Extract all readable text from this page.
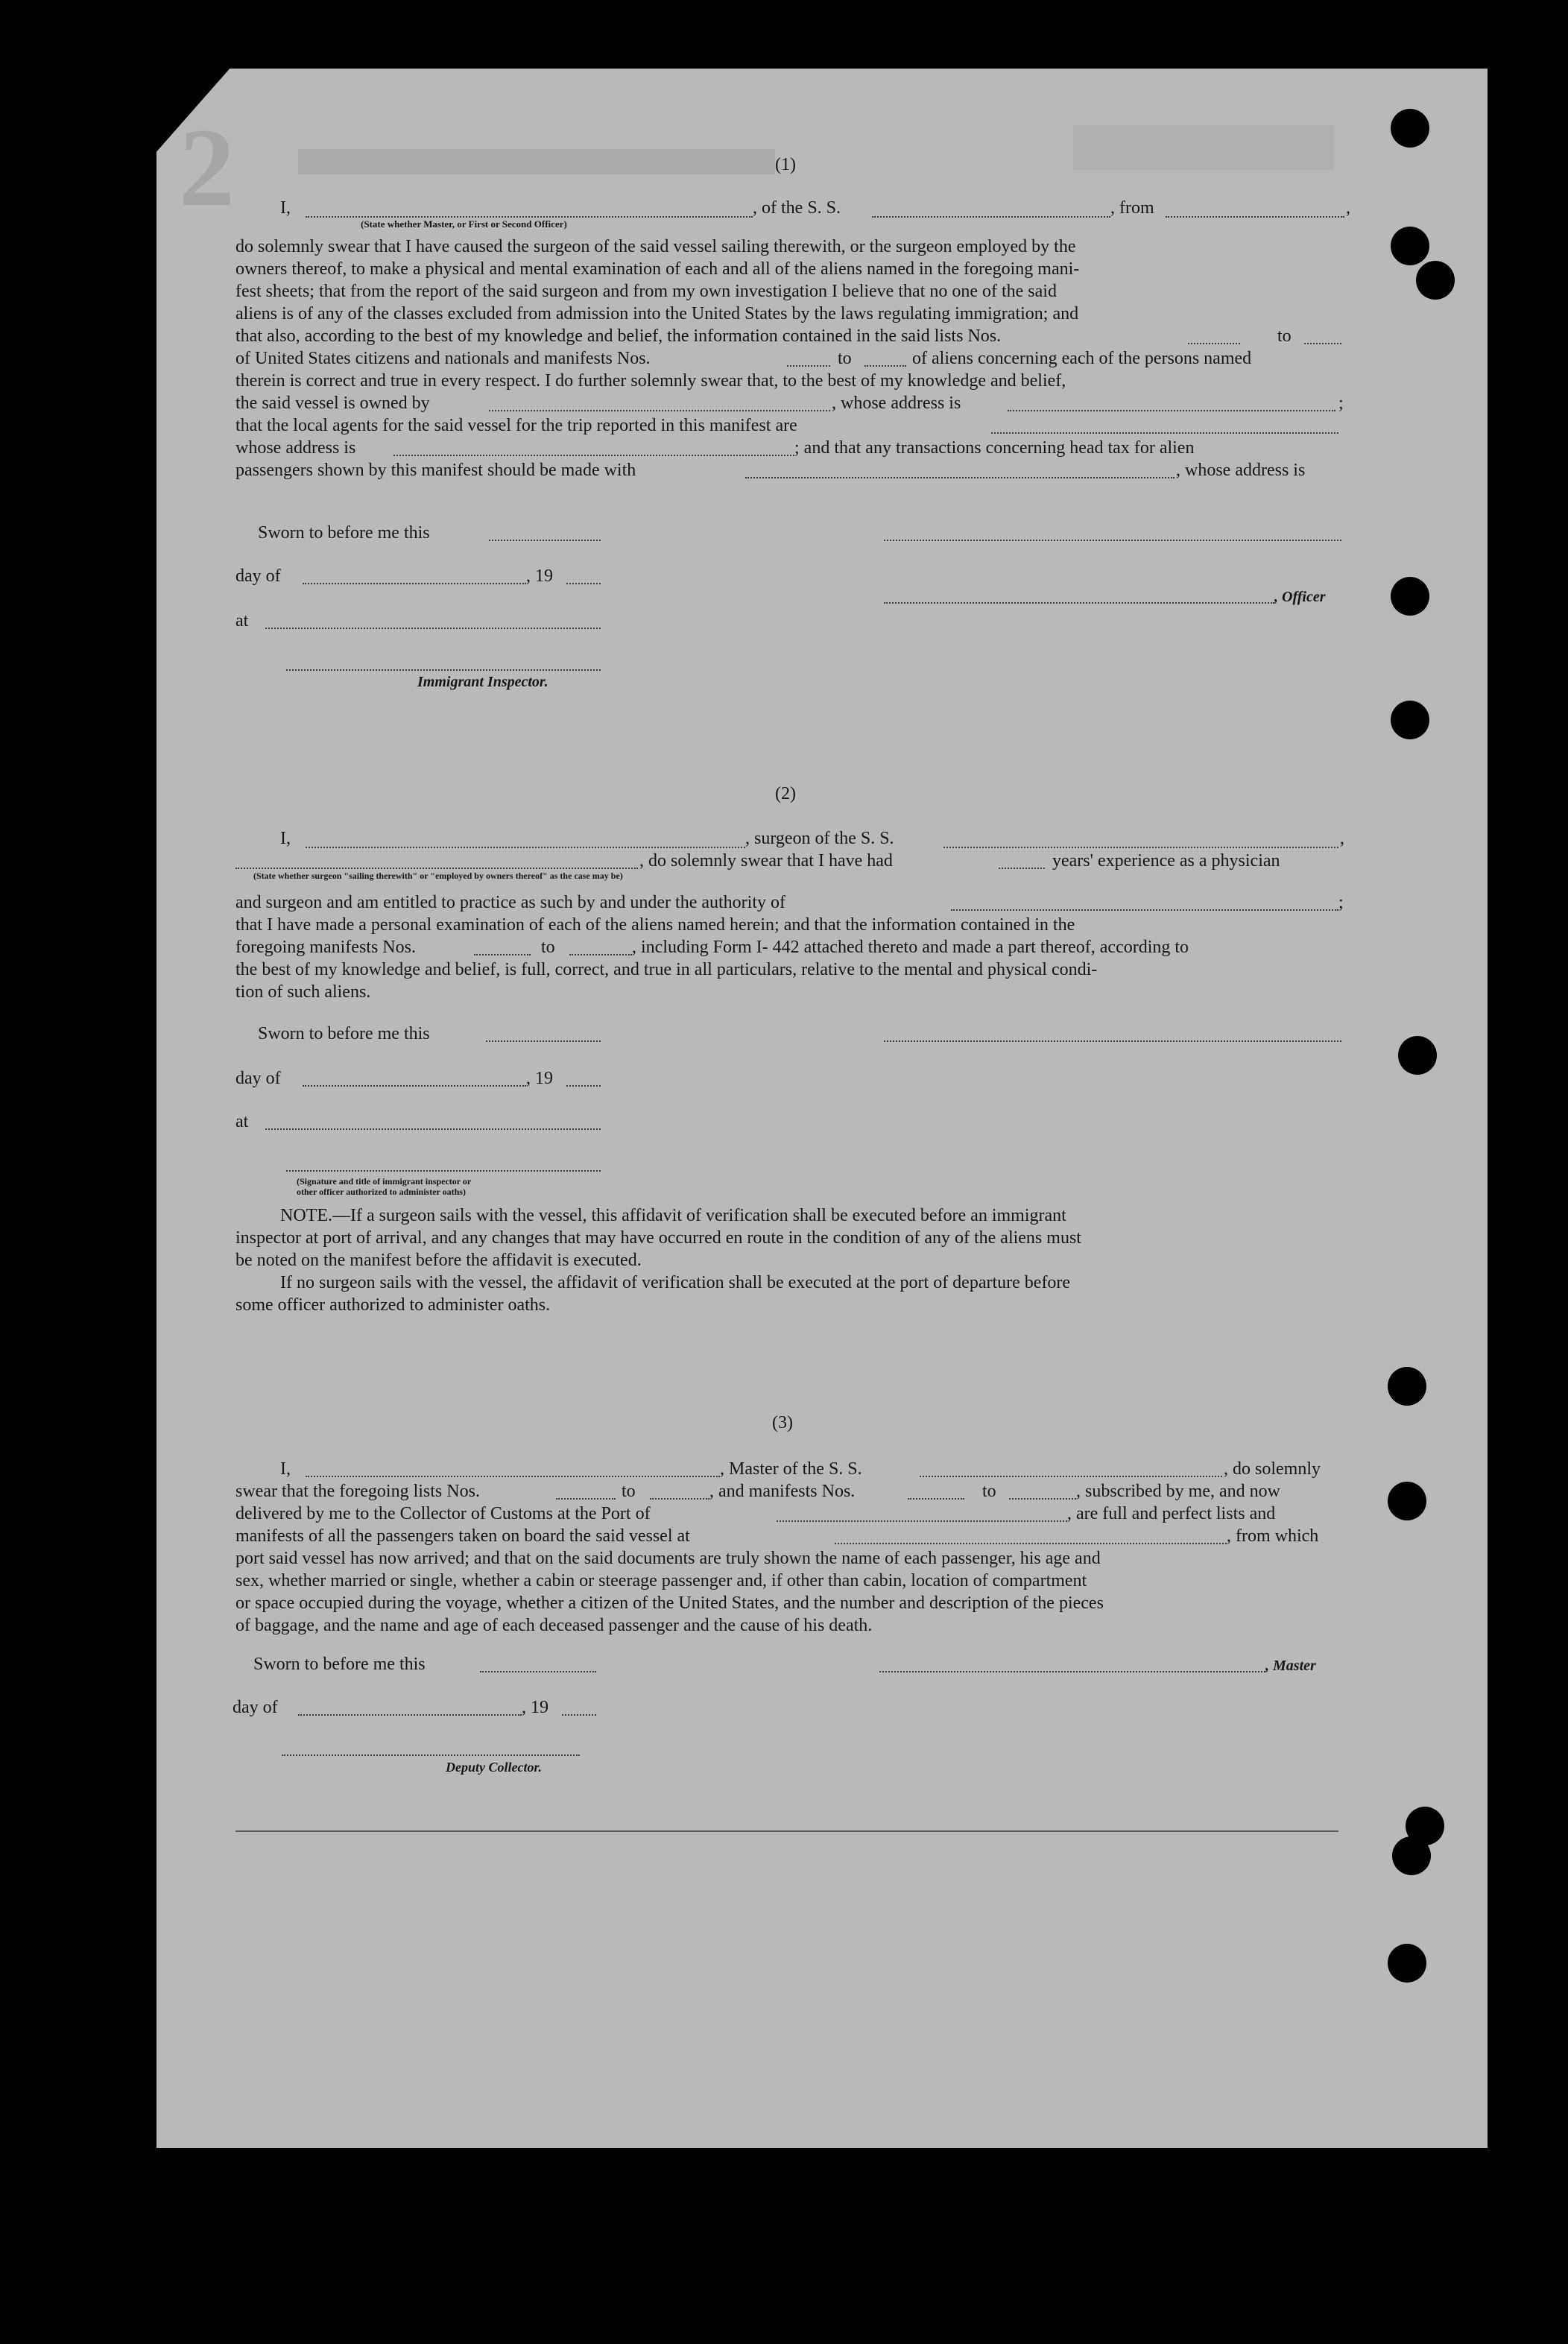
2	(1)
I,	, of the S. S.	, from	,
(State whether Master, or First or Second Officer)
do solemnly swear that I have caused the surgeon of the said vessel sailing therewith, or the surgeon employed by the
owners thereof, to make a physical and mental examination of each and all of the aliens named in the foregoing mani-
fest sheets; that from the report of the said surgeon and from my own investigation I believe that no one of the said
aliens is of any of the classes excluded from admission into the United States by the laws regulating immigration; and
that also, according to the best of my knowledge and belief, the information contained in the said lists Nos.	to
of United States citizens and nationals and manifests Nos.	to	of aliens concerning each of the persons named
therein is correct and true in every respect. I do further solemnly swear that, to the best of my knowledge and belief,
the said vessel is owned by	, whose address is	;
that the local agents for the said vessel for the trip reported in this manifest are
whose address is	; and that any transactions concerning head tax for alien
passengers shown by this manifest should be made with	, whose address is
Sworn to before me this
day of	, 19
, Officer
at
Immigrant Inspector.
(2)
I,	, surgeon of the S. S.	,
, do solemnly swear that I have had	years' experience as a physician
(State whether surgeon "sailing therewith" or "employed by owners thereof" as the case may be)
and surgeon and am entitled to practice as such by and under the authority of	;
that I have made a personal examination of each of the aliens named herein; and that the information contained in the
foregoing manifests Nos.	to	, including Form I- 442 attached thereto and made a part thereof, according to
the best of my knowledge and belief, is full, correct, and true in all particulars, relative to the mental and physical condi-
tion of such aliens.
Sworn to before me this
day of	, 19
at
(Signature and title of immigrant inspector or
other officer authorized to administer oaths)
NOTE.—If a surgeon sails with the vessel, this affidavit of verification shall be executed before an immigrant
inspector at port of arrival, and any changes that may have occurred en route in the condition of any of the aliens must
be noted on the manifest before the affidavit is executed.
If no surgeon sails with the vessel, the affidavit of verification shall be executed at the port of departure before
some officer authorized to administer oaths.
(3)
I,	, Master of the S. S.	, do solemnly
swear that the foregoing lists Nos.	to	, and manifests Nos.	to	, subscribed by me, and now
delivered by me to the Collector of Customs at the Port of	, are full and perfect lists and
manifests of all the passengers taken on board the said vessel at	, from which
port said vessel has now arrived; and that on the said documents are truly shown the name of each passenger, his age and
sex, whether married or single, whether a cabin or steerage passenger and, if other than cabin, location of compartment
or space occupied during the voyage, whether a citizen of the United States, and the number and description of the pieces
of baggage, and the name and age of each deceased passenger and the cause of his death.
Sworn to before me this	, Master
day of	, 19
Deputy Collector.
